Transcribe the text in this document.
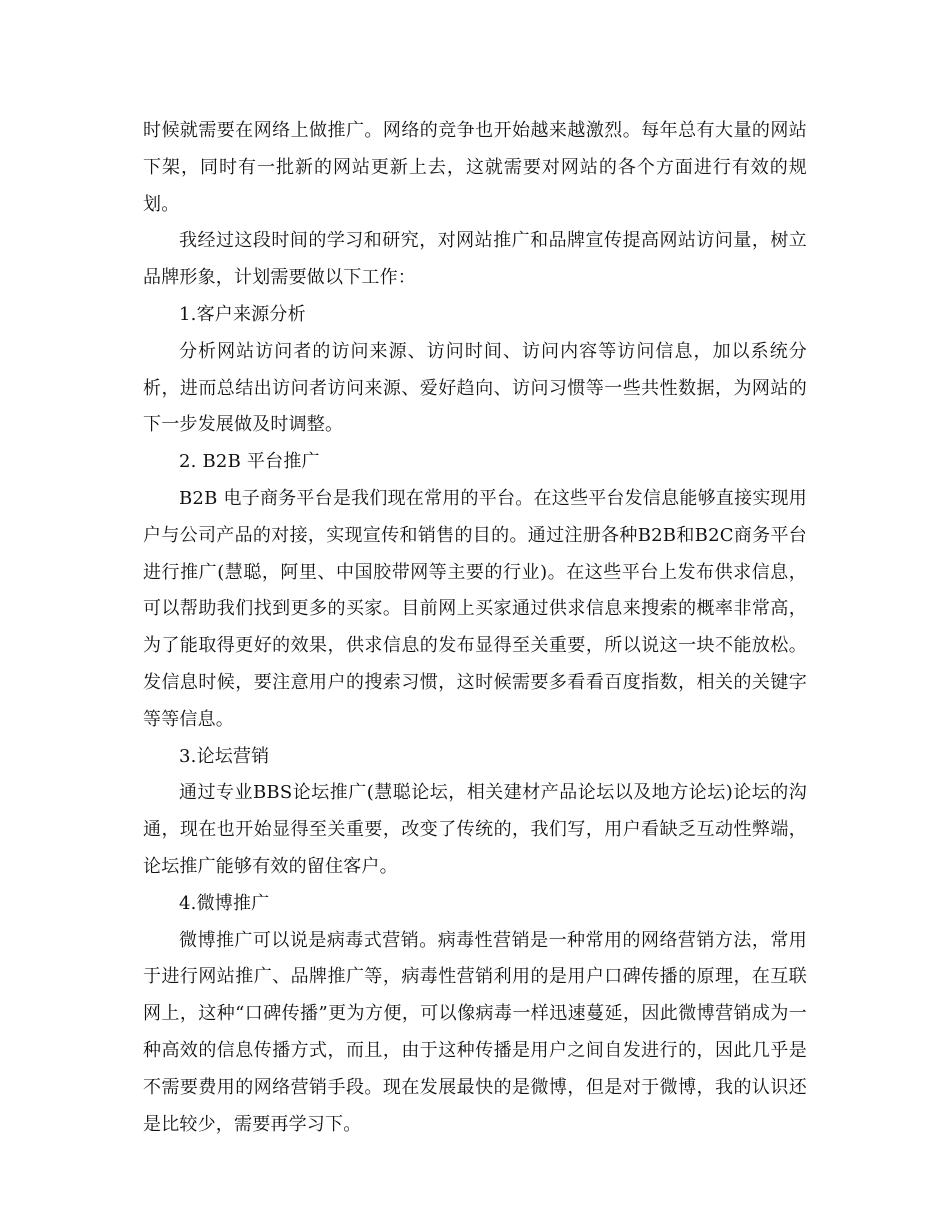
时候就需要在网络上做推广。网络的竞争也开始越来越激烈。每年总有大量的网站下架，同时有一批新的网站更新上去，这就需要对网站的各个方面进行有效的规划。

我经过这段时间的学习和研究，对网站推广和品牌宣传提高网站访问量，树立品牌形象，计划需要做以下工作：

1.客户来源分析

分析网站访问者的访问来源、访问时间、访问内容等访问信息，加以系统分析，进而总结出访问者访问来源、爱好趋向、访问习惯等一些共性数据，为网站的下一步发展做及时调整。

2. B2B 平台推广

B2B 电子商务平台是我们现在常用的平台。在这些平台发信息能够直接实现用户与公司产品的对接，实现宣传和销售的目的。通过注册各种B2B和B2C商务平台进行推广(慧聪，阿里、中国胶带网等主要的行业)。在这些平台上发布供求信息，可以帮助我们找到更多的买家。目前网上买家通过供求信息来搜索的概率非常高，为了能取得更好的效果，供求信息的发布显得至关重要，所以说这一块不能放松。发信息时候，要注意用户的搜索习惯，这时候需要多看看百度指数，相关的关键字等等信息。

3.论坛营销

通过专业BBS论坛推广(慧聪论坛，相关建材产品论坛以及地方论坛)论坛的沟通，现在也开始显得至关重要，改变了传统的，我们写，用户看缺乏互动性弊端，论坛推广能够有效的留住客户。

4.微博推广

微博推广可以说是病毒式营销。病毒性营销是一种常用的网络营销方法，常用于进行网站推广、品牌推广等，病毒性营销利用的是用户口碑传播的原理，在互联网上，这种“口碑传播”更为方便，可以像病毒一样迅速蔓延，因此微博营销成为一种高效的信息传播方式，而且，由于这种传播是用户之间自发进行的，因此几乎是不需要费用的网络营销手段。现在发展最快的是微博，但是对于微博，我的认识还是比较少，需要再学习下。
